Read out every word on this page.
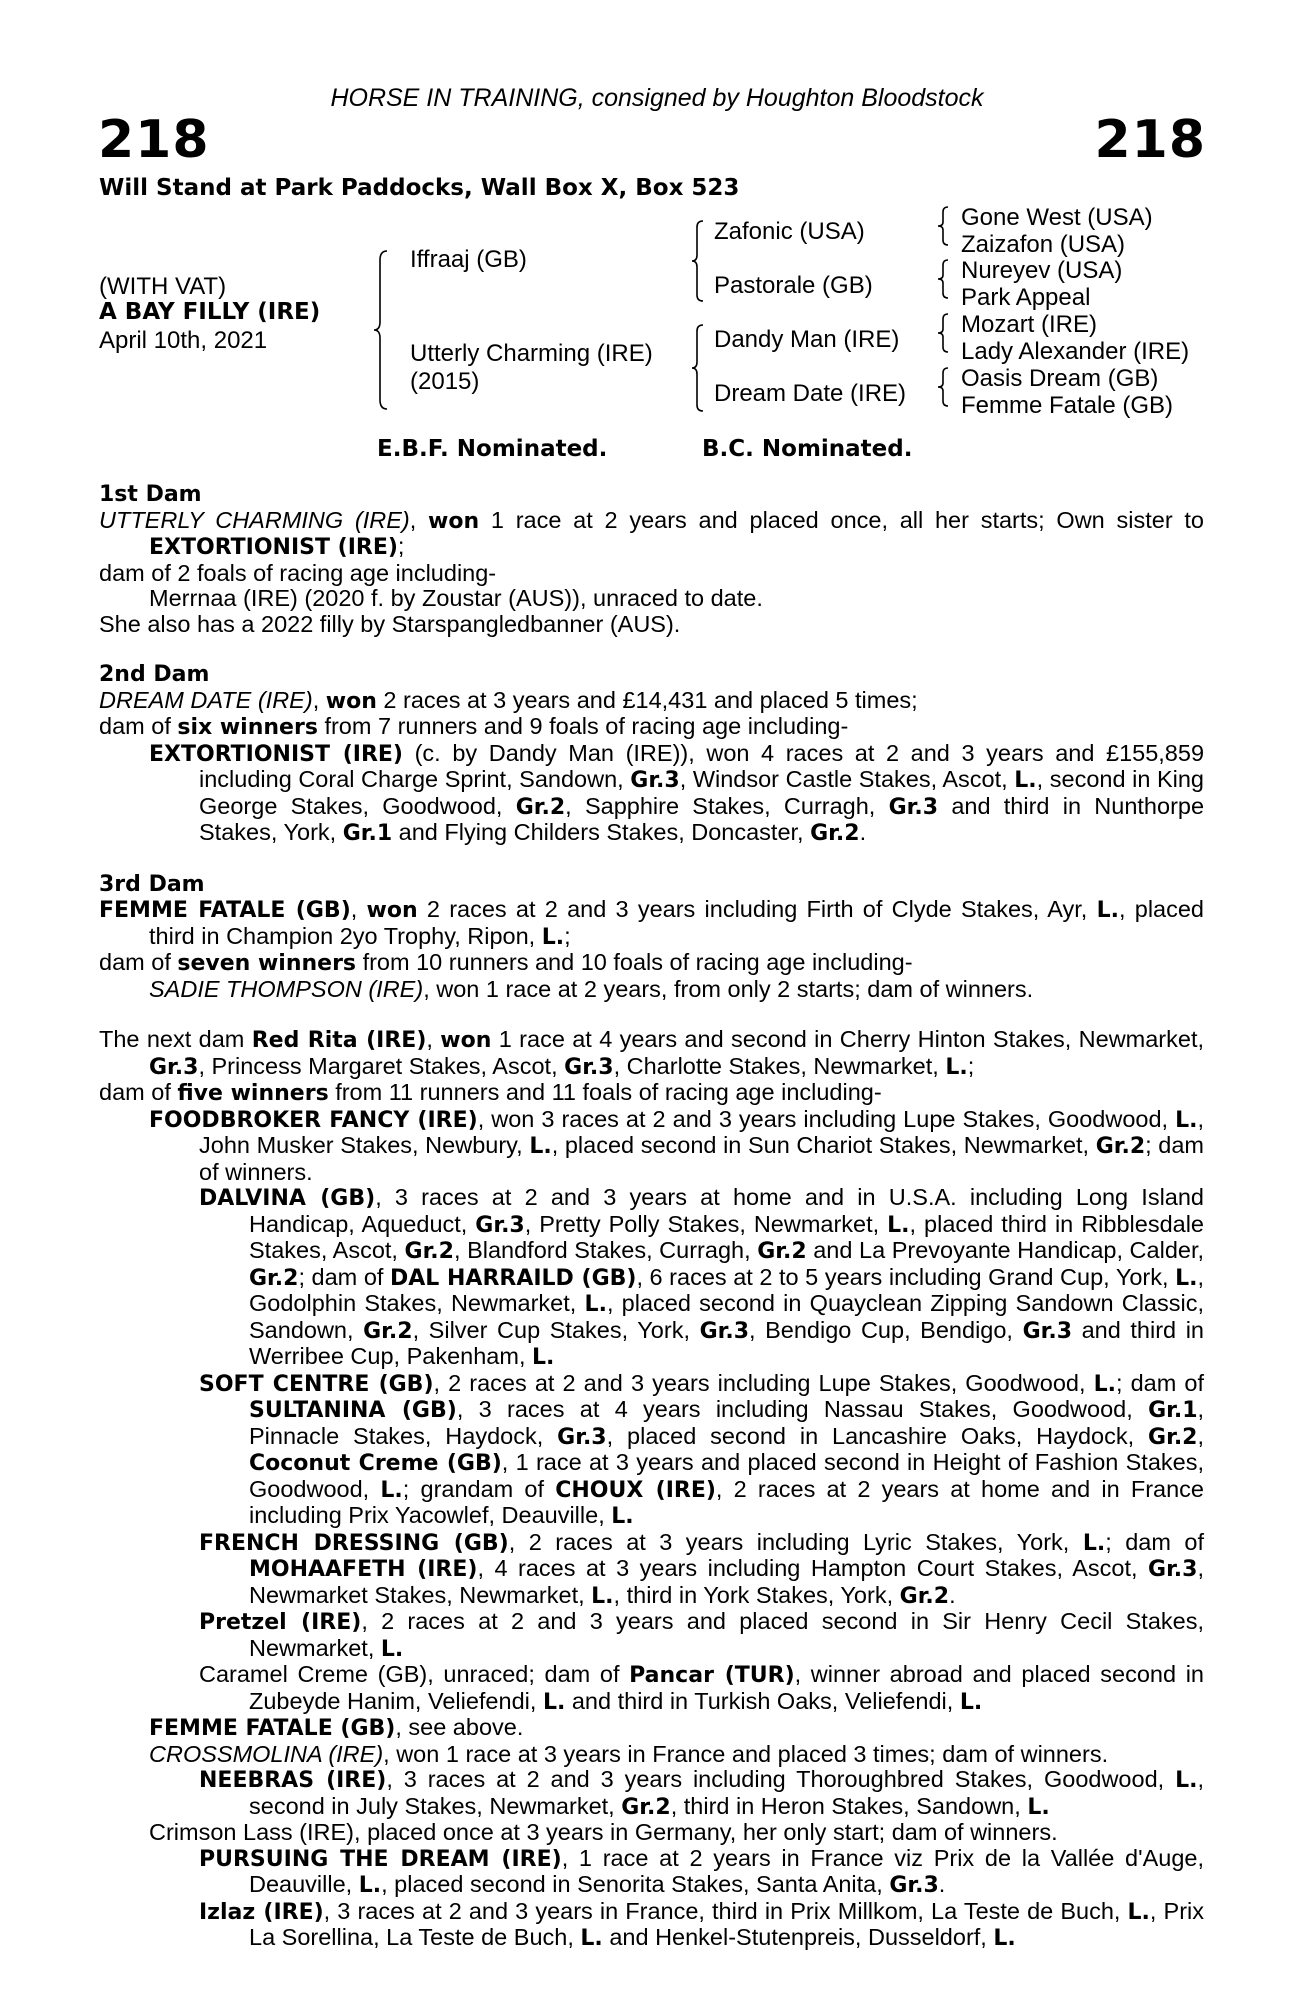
HORSE IN TRAINING, consigned by Houghton Bloodstock
218	218
Will Stand at Park Paddocks, Wall Box X, Box 523
(WITH VAT)
A BAY FILLY (IRE)
April 10th, 2021
Iffraaj (GB)
Utterly Charming (IRE)
(2015)
Zafonic (USA)
Pastorale (GB)
Dandy Man (IRE)
Dream Date (IRE)
Gone West (USA)
Zaizafon (USA)
Nureyev (USA)
Park Appeal
Mozart (IRE)
Lady Alexander (IRE)
Oasis Dream (GB)
Femme Fatale (GB)
E.B.F. Nominated.	B.C. Nominated.
1st Dam
UTTERLY CHARMING (IRE), won 1 race at 2 years and placed once, all her starts; Own sister to EXTORTIONIST (IRE);
dam of 2 foals of racing age including-
Merrnaa (IRE) (2020 f. by Zoustar (AUS)), unraced to date.
She also has a 2022 filly by Starspangledbanner (AUS).
2nd Dam
DREAM DATE (IRE), won 2 races at 3 years and £14,431 and placed 5 times;
dam of six winners from 7 runners and 9 foals of racing age including-
EXTORTIONIST (IRE) (c. by Dandy Man (IRE)), won 4 races at 2 and 3 years and £155,859 including Coral Charge Sprint, Sandown, Gr.3, Windsor Castle Stakes, Ascot, L., second in King George Stakes, Goodwood, Gr.2, Sapphire Stakes, Curragh, Gr.3 and third in Nunthorpe Stakes, York, Gr.1 and Flying Childers Stakes, Doncaster, Gr.2.
3rd Dam
FEMME FATALE (GB), won 2 races at 2 and 3 years including Firth of Clyde Stakes, Ayr, L., placed third in Champion 2yo Trophy, Ripon, L.;
dam of seven winners from 10 runners and 10 foals of racing age including-
SADIE THOMPSON (IRE), won 1 race at 2 years, from only 2 starts; dam of winners.
The next dam Red Rita (IRE), won 1 race at 4 years and second in Cherry Hinton Stakes, Newmarket, Gr.3, Princess Margaret Stakes, Ascot, Gr.3, Charlotte Stakes, Newmarket, L.;
dam of five winners from 11 runners and 11 foals of racing age including-
FOODBROKER FANCY (IRE), won 3 races at 2 and 3 years including Lupe Stakes, Goodwood, L., John Musker Stakes, Newbury, L., placed second in Sun Chariot Stakes, Newmarket, Gr.2; dam of winners.
DALVINA (GB), 3 races at 2 and 3 years at home and in U.S.A. including Long Island Handicap, Aqueduct, Gr.3, Pretty Polly Stakes, Newmarket, L., placed third in Ribblesdale Stakes, Ascot, Gr.2, Blandford Stakes, Curragh, Gr.2 and La Prevoyante Handicap, Calder, Gr.2; dam of DAL HARRAILD (GB), 6 races at 2 to 5 years including Grand Cup, York, L., Godolphin Stakes, Newmarket, L., placed second in Quayclean Zipping Sandown Classic, Sandown, Gr.2, Silver Cup Stakes, York, Gr.3, Bendigo Cup, Bendigo, Gr.3 and third in Werribee Cup, Pakenham, L.
SOFT CENTRE (GB), 2 races at 2 and 3 years including Lupe Stakes, Goodwood, L.; dam of SULTANINA (GB), 3 races at 4 years including Nassau Stakes, Goodwood, Gr.1, Pinnacle Stakes, Haydock, Gr.3, placed second in Lancashire Oaks, Haydock, Gr.2, Coconut Creme (GB), 1 race at 3 years and placed second in Height of Fashion Stakes, Goodwood, L.; grandam of CHOUX (IRE), 2 races at 2 years at home and in France including Prix Yacowlef, Deauville, L.
FRENCH DRESSING (GB), 2 races at 3 years including Lyric Stakes, York, L.; dam of MOHAAFETH (IRE), 4 races at 3 years including Hampton Court Stakes, Ascot, Gr.3, Newmarket Stakes, Newmarket, L., third in York Stakes, York, Gr.2.
Pretzel (IRE), 2 races at 2 and 3 years and placed second in Sir Henry Cecil Stakes, Newmarket, L.
Caramel Creme (GB), unraced; dam of Pancar (TUR), winner abroad and placed second in Zubeyde Hanim, Veliefendi, L. and third in Turkish Oaks, Veliefendi, L.
FEMME FATALE (GB), see above.
CROSSMOLINA (IRE), won 1 race at 3 years in France and placed 3 times; dam of winners.
NEEBRAS (IRE), 3 races at 2 and 3 years including Thoroughbred Stakes, Goodwood, L., second in July Stakes, Newmarket, Gr.2, third in Heron Stakes, Sandown, L.
Crimson Lass (IRE), placed once at 3 years in Germany, her only start; dam of winners.
PURSUING THE DREAM (IRE), 1 race at 2 years in France viz Prix de la Vallée d'Auge, Deauville, L., placed second in Senorita Stakes, Santa Anita, Gr.3.
Izlaz (IRE), 3 races at 2 and 3 years in France, third in Prix Millkom, La Teste de Buch, L., Prix La Sorellina, La Teste de Buch, L. and Henkel-Stutenpreis, Dusseldorf, L.
